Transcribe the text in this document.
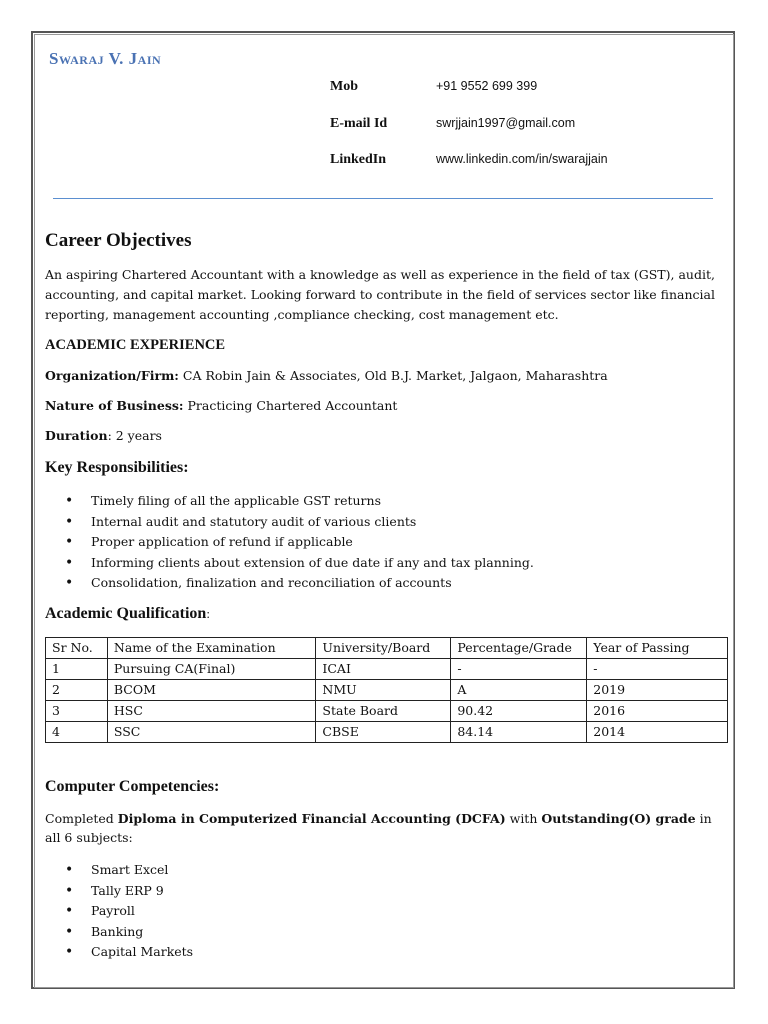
Swaraj V. Jain
Mob	+91 9552 699 399
E-mail Id	swrjjain1997@gmail.com
LinkedIn	www.linkedin.com/in/swarajjain
Career Objectives

An aspiring Chartered Accountant with a knowledge as well as experience in the field of tax (GST), audit, accounting, and capital market. Looking forward to contribute in the field of services sector like financial reporting, management accounting ,compliance checking, cost management etc.

ACADEMIC EXPERIENCE

Organization/Firm: CA Robin Jain & Associates, Old B.J. Market, Jalgaon, Maharashtra

Nature of Business: Practicing Chartered Accountant

Duration: 2 years

Key Responsibilities:
• Timely filing of all the applicable GST returns
• Internal audit and statutory audit of various clients
• Proper application of refund if applicable
• Informing clients about extension of due date if any and tax planning.
• Consolidation, finalization and reconciliation of accounts
Academic Qualification:
Sr No.	Name of the Examination	University/Board	Percentage/Grade	Year of Passing
1	Pursuing CA(Final)	ICAI	-	-
2	BCOM	NMU	A	2019
3	HSC	State Board	90.42	2016
4	SSC	CBSE	84.14	2014
Computer Competencies:

Completed Diploma in Computerized Financial Accounting (DCFA) with Outstanding(O) grade in all 6 subjects:

• Smart Excel
• Tally ERP 9
• Payroll
• Banking
• Capital Markets
